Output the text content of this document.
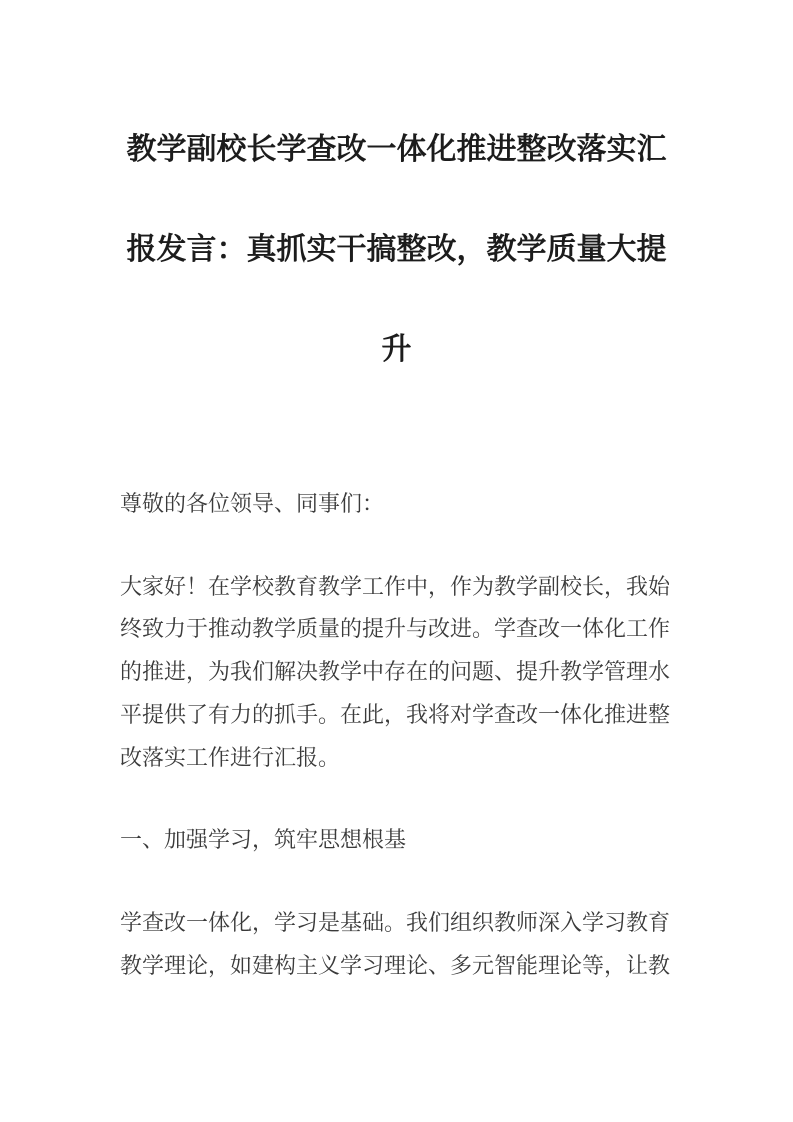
教学副校长学查改一体化推进整改落实汇
报发言：真抓实干搞整改，教学质量大提
升
尊敬的各位领导、同事们：
大家好！在学校教育教学工作中，作为教学副校长，我始
终致力于推动教学质量的提升与改进。学查改一体化工作
的推进，为我们解决教学中存在的问题、提升教学管理水
平提供了有力的抓手。在此，我将对学查改一体化推进整
改落实工作进行汇报。
一、加强学习，筑牢思想根基
学查改一体化，学习是基础。我们组织教师深入学习教育
教学理论，如建构主义学习理论、多元智能理论等，让教
